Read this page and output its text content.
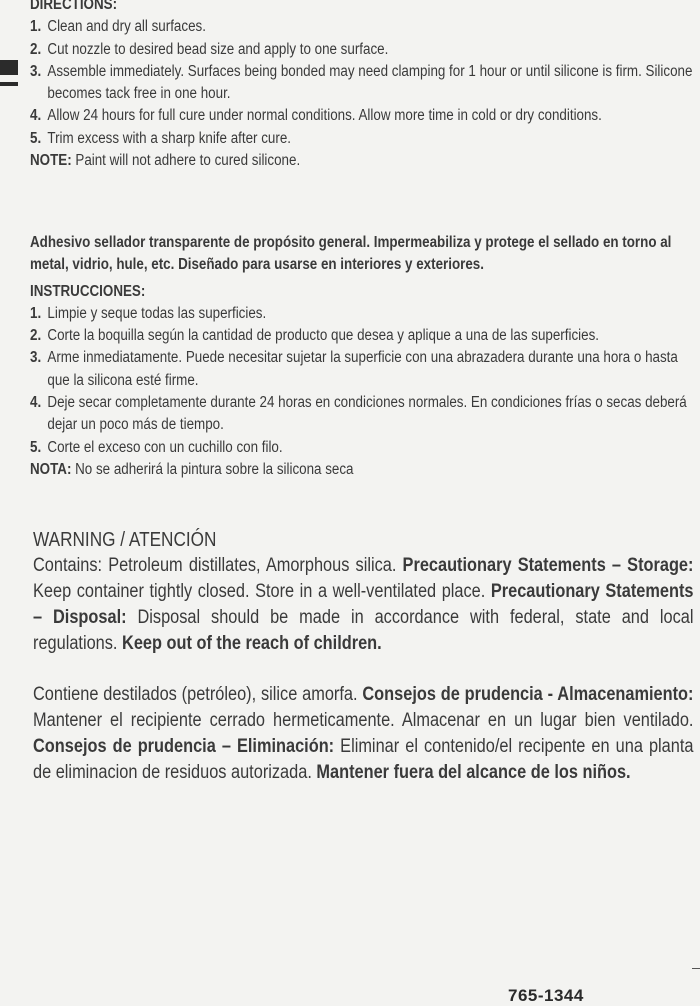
DIRECTIONS:
1. Clean and dry all surfaces.
2. Cut nozzle to desired bead size and apply to one surface.
3. Assemble immediately. Surfaces being bonded may need clamping for 1 hour or until silicone is firm. Silicone becomes tack free in one hour.
4. Allow 24 hours for full cure under normal conditions. Allow more time in cold or dry conditions.
5. Trim excess with a sharp knife after cure.
NOTE: Paint will not adhere to cured silicone.
Adhesivo sellador transparente de propósito general. Impermeabiliza y protege el sellado en torno al metal, vidrio, hule, etc. Diseñado para usarse en interiores y exteriores.
INSTRUCCIONES:
1. Limpie y seque todas las superficies.
2. Corte la boquilla según la cantidad de producto que desea y aplique a una de las superficies.
3. Arme inmediatamente. Puede necesitar sujetar la superficie con una abrazadera durante una hora o hasta que la silicona esté firme.
4. Deje secar completamente durante 24 horas en condiciones normales. En condiciones frías o secas deberá dejar un poco más de tiempo.
5. Corte el exceso con un cuchillo con filo.
NOTA: No se adherirá la pintura sobre la silicona seca
WARNING / ATENCIÓN
Contains: Petroleum distillates, Amorphous silica. Precautionary Statements – Storage: Keep container tightly closed. Store in a well-ventilated place. Precautionary Statements – Disposal: Disposal should be made in accordance with federal, state and local regulations. Keep out of the reach of children.
Contiene destilados (petróleo), silice amorfa. Consejos de prudencia - Almacenamiento: Mantener el recipiente cerrado hermeticamente. Almacenar en un lugar bien ventilado. Consejos de prudencia – Eliminación: Eliminar el contenido/el recipente en una planta de eliminacion de residuos autorizada. Mantener fuera del alcance de los niños.
765-1344
